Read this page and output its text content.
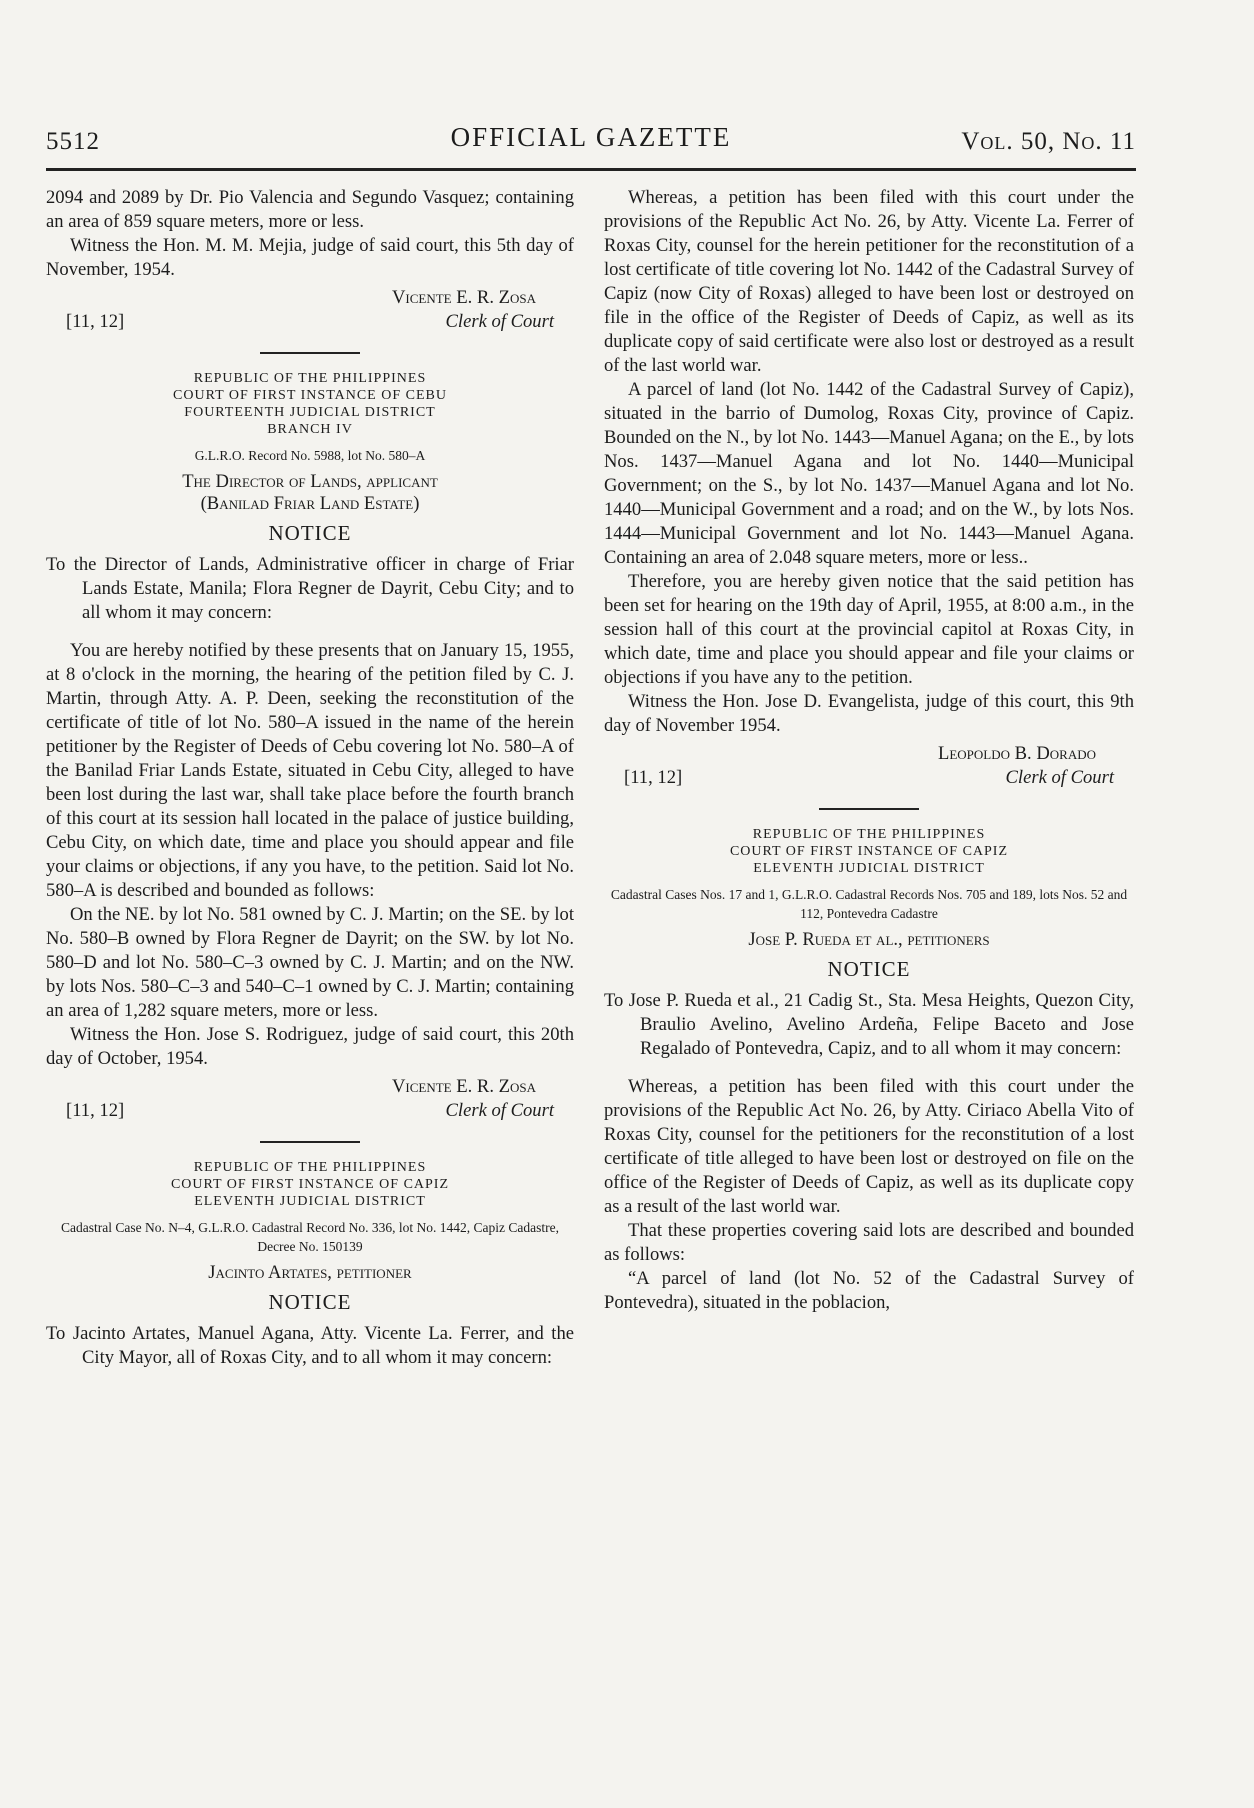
5512	OFFICIAL GAZETTE	Vol. 50, No. 11

2094 and 2089 by Dr. Pio Valencia and Segundo Vasquez; containing an area of 859 square meters, more or less.

Witness the Hon. M. M. Mejia, judge of said court, this 5th day of November, 1954.

Vicente E. R. Zosa
Clerk of Court
[11, 12]
REPUBLIC OF THE PHILIPPINES
COURT OF FIRST INSTANCE OF CEBU
FOURTEENTH JUDICIAL DISTRICT
BRANCH IV
G.L.R.O. Record No. 5988, lot No. 580–A
The Director of Lands, applicant
(Banilad Friar Land Estate)
NOTICE

To the Director of Lands, Administrative officer in charge of Friar Lands Estate, Manila; Flora Regner de Dayrit, Cebu City; and to all whom it may concern:

You are hereby notified by these presents that on January 15, 1955, at 8 o'clock in the morning, the hearing of the petition filed by C. J. Martin, through Atty. A. P. Deen, seeking the reconstitution of the certificate of title of lot No. 580–A issued in the name of the herein petitioner by the Register of Deeds of Cebu covering lot No. 580–A of the Banilad Friar Lands Estate, situated in Cebu City, alleged to have been lost during the last war, shall take place before the fourth branch of this court at its session hall located in the palace of justice building, Cebu City, on which date, time and place you should appear and file your claims or objections, if any you have, to the petition. Said lot No. 580–A is described and bounded as follows:

On the NE. by lot No. 581 owned by C. J. Martin; on the SE. by lot No. 580–B owned by Flora Regner de Dayrit; on the SW. by lot No. 580–D and lot No. 580–C–3 owned by C. J. Martin; and on the NW. by lots Nos. 580–C–3 and 540–C–1 owned by C. J. Martin; containing an area of 1,282 square meters, more or less.

Witness the Hon. Jose S. Rodriguez, judge of said court, this 20th day of October, 1954.

Vicente E. R. Zosa
Clerk of Court
[11, 12]
REPUBLIC OF THE PHILIPPINES
COURT OF FIRST INSTANCE OF CAPIZ
ELEVENTH JUDICIAL DISTRICT
Cadastral Case No. N–4, G.L.R.O. Cadastral Record No. 336, lot No. 1442, Capiz Cadastre, Decree No. 150139
Jacinto Artates, petitioner
NOTICE

To Jacinto Artates, Manuel Agana, Atty. Vicente La. Ferrer, and the City Mayor, all of Roxas City, and to all whom it may concern:

Whereas, a petition has been filed with this court under the provisions of the Republic Act No. 26, by Atty. Vicente La. Ferrer of Roxas City, counsel for the herein petitioner for the reconstitution of a lost certificate of title covering lot No. 1442 of the Cadastral Survey of Capiz (now City of Roxas) alleged to have been lost or destroyed on file in the office of the Register of Deeds of Capiz, as well as its duplicate copy of said certificate were also lost or destroyed as a result of the last world war.

A parcel of land (lot No. 1442 of the Cadastral Survey of Capiz), situated in the barrio of Dumolog, Roxas City, province of Capiz. Bounded on the N., by lot No. 1443—Manuel Agana; on the E., by lots Nos. 1437—Manuel Agana and lot No. 1440—Municipal Government; on the S., by lot No. 1437—Manuel Agana and lot No. 1440—Municipal Government and a road; and on the W., by lots Nos. 1444—Municipal Government and lot No. 1443—Manuel Agana. Containing an area of 2.048 square meters, more or less..

Therefore, you are hereby given notice that the said petition has been set for hearing on the 19th day of April, 1955, at 8:00 a.m., in the session hall of this court at the provincial capitol at Roxas City, in which date, time and place you should appear and file your claims or objections if you have any to the petition.

Witness the Hon. Jose D. Evangelista, judge of this court, this 9th day of November 1954.

Leopoldo B. Dorado
Clerk of Court
[11, 12]
REPUBLIC OF THE PHILIPPINES
COURT OF FIRST INSTANCE OF CAPIZ
ELEVENTH JUDICIAL DISTRICT
Cadastral Cases Nos. 17 and 1, G.L.R.O. Cadastral Records Nos. 705 and 189, lots Nos. 52 and 112, Pontevedra Cadastre
Jose P. Rueda et al., petitioners
NOTICE

To Jose P. Rueda et al., 21 Cadig St., Sta. Mesa Heights, Quezon City, Braulio Avelino, Avelino Ardeña, Felipe Baceto and Jose Regalado of Pontevedra, Capiz, and to all whom it may concern:

Whereas, a petition has been filed with this court under the provisions of the Republic Act No. 26, by Atty. Ciriaco Abella Vito of Roxas City, counsel for the petitioners for the reconstitution of a lost certificate of title alleged to have been lost or destroyed on file on the office of the Register of Deeds of Capiz, as well as its duplicate copy as a result of the last world war.

That these properties covering said lots are described and bounded as follows:

“A parcel of land (lot No. 52 of the Cadastral Survey of Pontevedra), situated in the poblacion,
